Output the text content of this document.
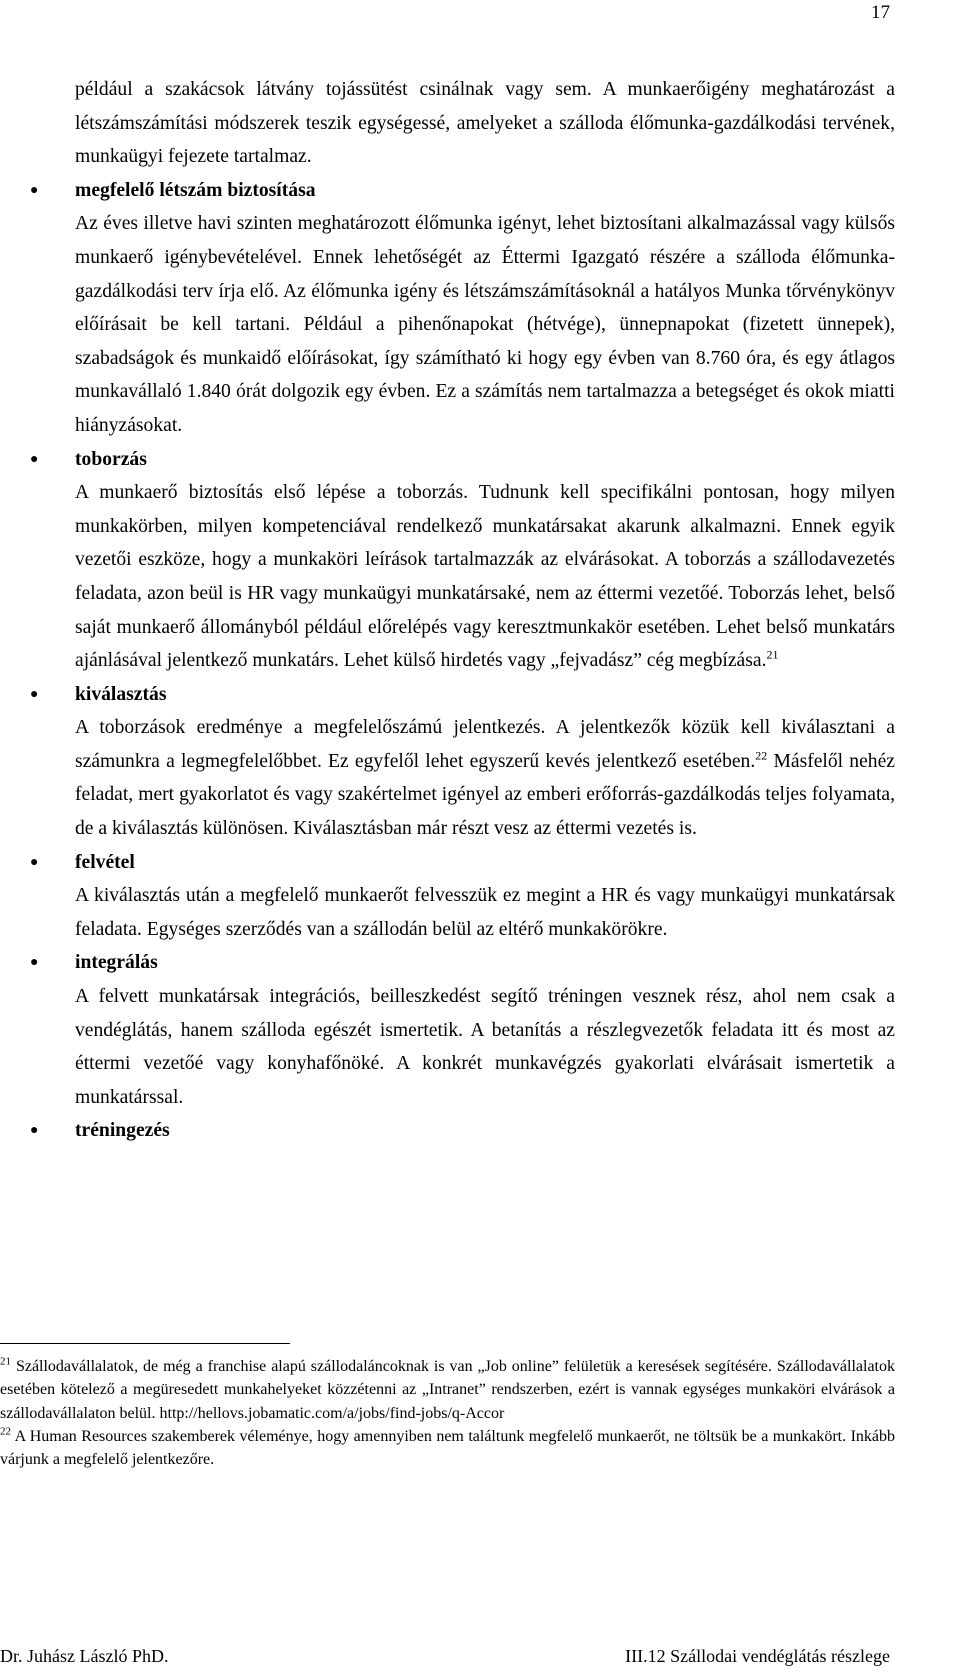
17

például a szakácsok látvány tojássütést csinálnak vagy sem. A munkaerőigény meghatározást a létszámszámítási módszerek teszik egységessé, amelyeket a szálloda élőmunka-gazdálkodási tervének, munkaügyi fejezete tartalmaz.

● megfelelő létszám biztosítása

Az éves illetve havi szinten meghatározott élőmunka igényt, lehet biztosítani alkalmazással vagy külsős munkaerő igénybevételével. Ennek lehetőségét az Éttermi Igazgató részére a szálloda élőmunka-gazdálkodási terv írja elő. Az élőmunka igény és létszámszámításoknál a hatályos Munka tőrvénykönyv előírásait be kell tartani. Például a pihenőnapokat (hétvége), ünnepnapokat (fizetett ünnepek), szabadságok és munkaidő előírásokat, így számítható ki hogy egy évben van 8.760 óra, és egy átlagos munkavállaló 1.840 órát dolgozik egy évben. Ez a számítás nem tartalmazza a betegséget és okok miatti hiányzásokat.

● toborzás

A munkaerő biztosítás első lépése a toborzás. Tudnunk kell specifikálni pontosan, hogy milyen munkakörben, milyen kompetenciával rendelkező munkatársakat akarunk alkalmazni. Ennek egyik vezetői eszköze, hogy a munkaköri leírások tartalmazzák az elvárásokat. A toborzás a szállodavezetés feladata, azon beül is HR vagy munkaügyi munkatársaké, nem az éttermi vezetőé. Toborzás lehet, belső saját munkaerő állományból például előrelépés vagy keresztmunkakör esetében. Lehet belső munkatárs ajánlásával jelentkező munkatárs. Lehet külső hirdetés vagy „fejvadász” cég megbízása.$^{21}$

● kiválasztás

A toborzások eredménye a megfelelőszámú jelentkezés. A jelentkezők közük kell kiválasztani a számunkra a legmegfelelőbbet. Ez egyfelől lehet egyszerű kevés jelentkező esetében.$^{22}$ Másfelől nehéz feladat, mert gyakorlatot és vagy szakértelmet igényel az emberi erőforrás-gazdálkodás teljes folyamata, de a kiválasztás különösen. Kiválasztásban már részt vesz az éttermi vezetés is.

● felvétel

A kiválasztás után a megfelelő munkaerőt felvesszük ez megint a HR és vagy munkaügyi munkatársak feladata. Egységes szerződés van a szállodán belül az eltérő munkakörökre.

● integrálás

A felvett munkatársak integrációs, beilleszkedést segítő tréningen vesznek rész, ahol nem csak a vendéglátás, hanem szálloda egészét ismertetik. A betanítás a részlegvezetők feladata itt és most az éttermi vezetőé vagy konyhafőnöké. A konkrét munkavégzés gyakorlati elvárásait ismertetik a munkatárssal.

● tréningezés

$^{21}$ Szállodavállalatok, de még a franchise alapú szállodaláncoknak is van „Job online” felületük a keresések segítésére. Szállodavállalatok esetében kötelező a megüresedett munkahelyeket közzétenni az „Intranet” rendszerben, ezért is vannak egységes munkaköri elvárások a szállodavállalaton belül. http://hellovs.jobamatic.com/a/jobs/find-jobs/q-Accor

$^{22}$ A Human Resources szakemberek véleménye, hogy amennyiben nem találtunk megfelelő munkaerőt, ne töltsük be a munkakört. Inkább várjunk a megfelelő jelentkezőre.

Dr. Juhász László PhD.	III.12 Szállodai vendéglátás részlege
